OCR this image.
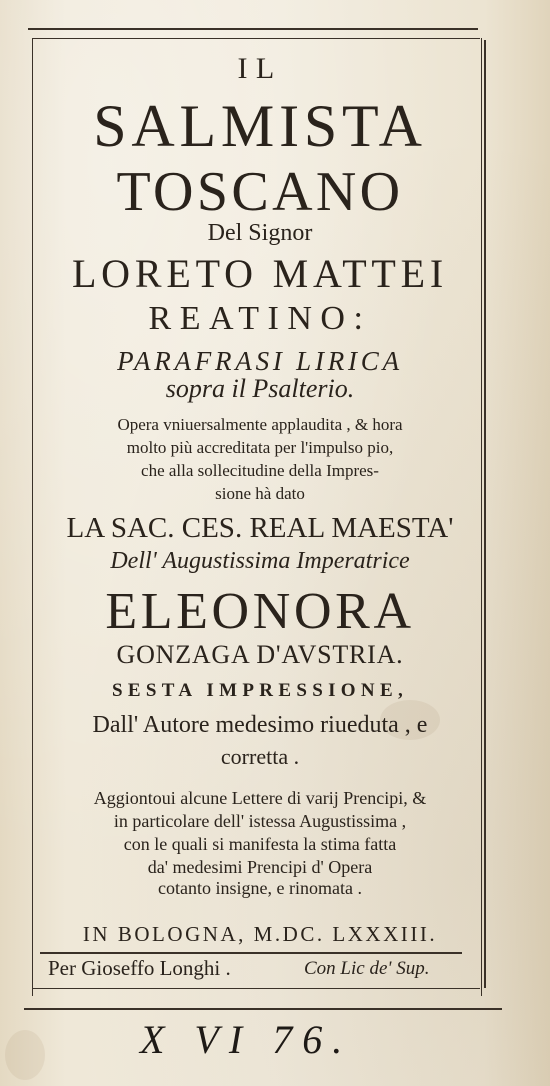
IL
SALMISTA
TOSCANO
Del Signor
LORETO MATTEI
REATINO:
PARAFRASI LIRICA
sopra il Psalterio.
Opera vniuersalmente applaudita , & hora
molto più accreditata per l'impulso pio,
che alla sollecitudine della Impres-
sione hà dato
LA SAC. CES. REAL MAESTA'
Dell' Augustissima Imperatrice
ELEONORA
GONZAGA D'AVSTRIA.
SESTA IMPRESSIONE,
Dall' Autore medesimo riueduta , e
corretta .
Aggiontoui alcune Lettere di varij Prencipi, &
in particolare dell' istessa Augustissima ,
con le quali si manifesta la stima fatta
da' medesimi Prencipi d' Opera
cotanto insigne, e rinomata .
IN BOLOGNA, M.DC. LXXXIII.
Per Gioseffo Longhi .	Con Lic de' Sup.
X VI 76.
